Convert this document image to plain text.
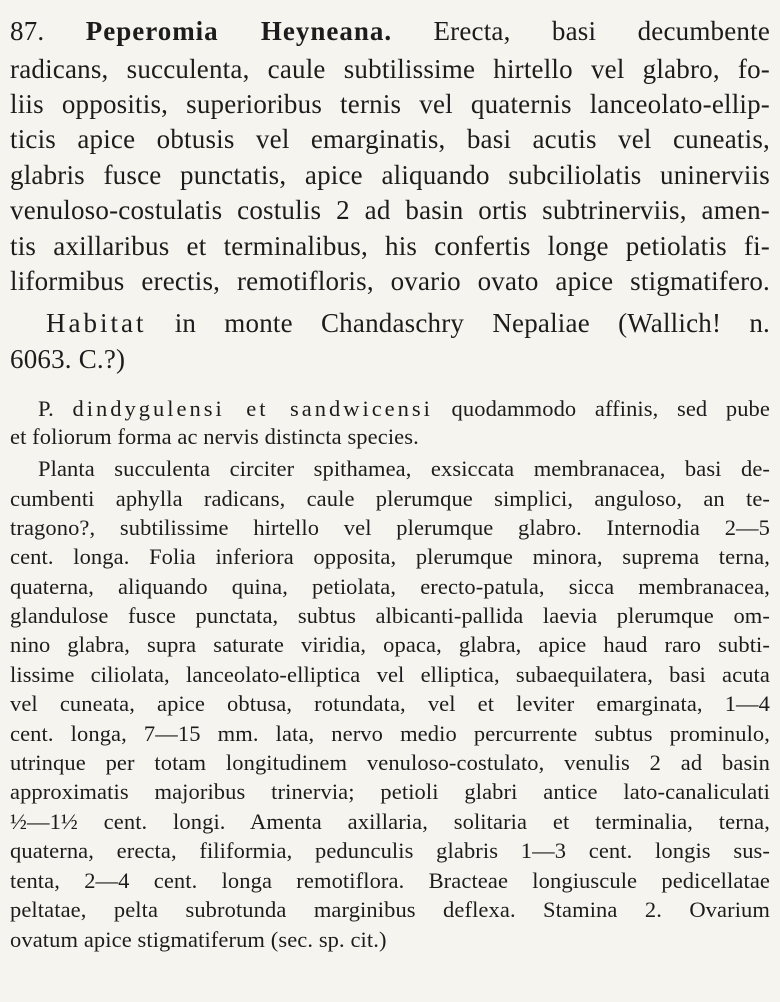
87. Peperomia Heyneana. Erecta, basi decumbente
radicans, succulenta, caule subtilissime hirtello vel glabro, fo-
liis oppositis, superioribus ternis vel quaternis lanceolato-ellip-
ticis apice obtusis vel emarginatis, basi acutis vel cuneatis,
glabris fusce punctatis, apice aliquando subciliolatis uninerviis
venuloso-costulatis costulis 2 ad basin ortis subtrinerviis, amen-
tis axillaribus et terminalibus, his confertis longe petiolatis fi-
liformibus erectis, remotifloris, ovario ovato apice stigmatifero.
Habitat in monte Chandaschry Nepaliae (Wallich! n.
6063. C.?)
P. dindygulensi et sandwicensi quodammodo affinis, sed pube
et foliorum forma ac nervis distincta species.
Planta succulenta circiter spithamea, exsiccata membranacea, basi de-
cumbenti aphylla radicans, caule plerumque simplici, anguloso, an te-
tragono?, subtilissime hirtello vel plerumque glabro. Internodia 2—5
cent. longa. Folia inferiora opposita, plerumque minora, suprema terna,
quaterna, aliquando quina, petiolata, erecto-patula, sicca membranacea,
glandulose fusce punctata, subtus albicanti-pallida laevia plerumque om-
nino glabra, supra saturate viridia, opaca, glabra, apice haud raro subti-
lissime ciliolata, lanceolato-elliptica vel elliptica, subaequilatera, basi acuta
vel cuneata, apice obtusa, rotundata, vel et leviter emarginata, 1—4
cent. longa, 7—15 mm. lata, nervo medio percurrente subtus prominulo,
utrinque per totam longitudinem venuloso-costulato, venulis 2 ad basin
approximatis majoribus trinervia; petioli glabri antice lato-canaliculati
½—1½ cent. longi. Amenta axillaria, solitaria et terminalia, terna,
quaterna, erecta, filiformia, pedunculis glabris 1—3 cent. longis sus-
tenta, 2—4 cent. longa remotiflora. Bracteae longiuscule pedicellatae
peltatae, pelta subrotunda marginibus deflexa. Stamina 2. Ovarium
ovatum apice stigmatiferum (sec. sp. cit.)
